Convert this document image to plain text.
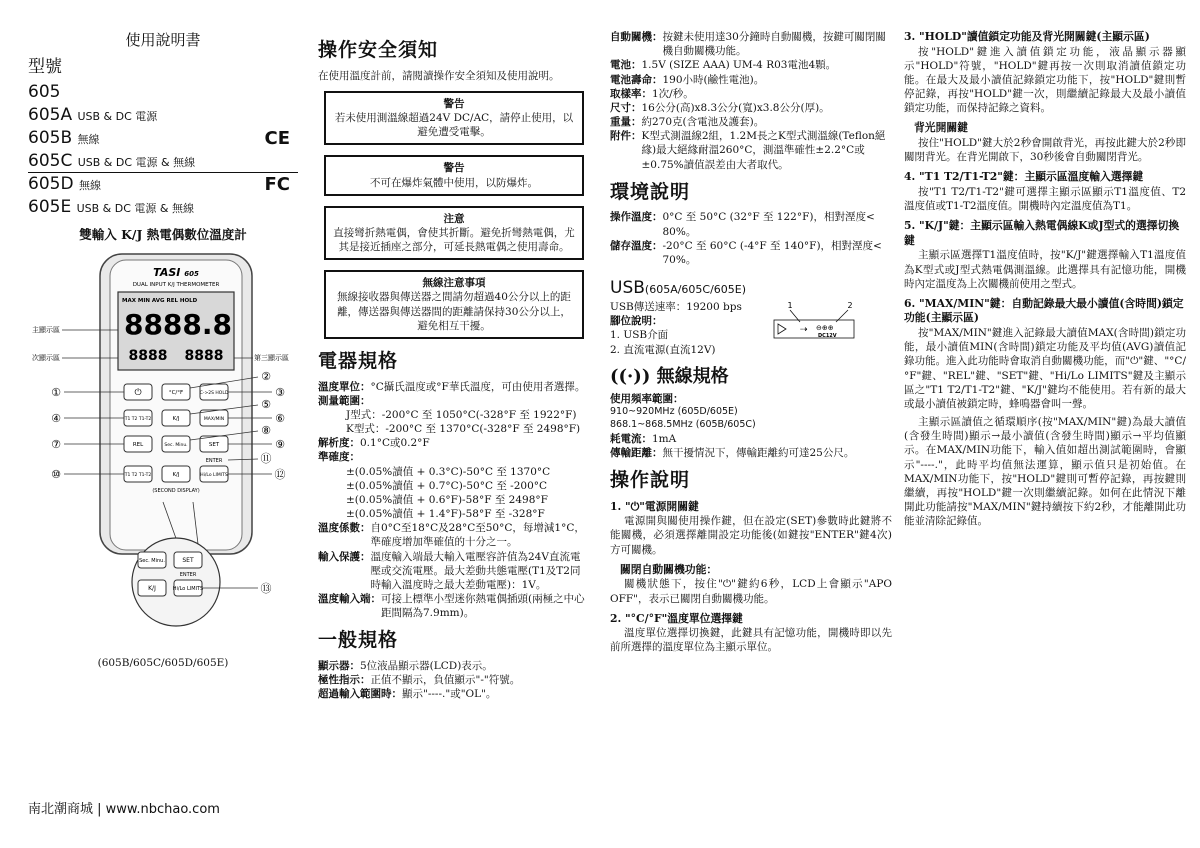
使用說明書
型號
605
605A USB & DC 電源
605B 無線	CE
605C USB & DC 電源 & 無線
605D 無線	FC
605E USB & DC 電源 & 無線
雙輸入 K/J 熱電偶數位溫度計
TASI 605
DUAL INPUT K/J THERMOMETER
MAX MIN AVG REL HOLD
8888.8
8888 8888
主顯示區
次顯示區	第三顯示區
⏻	°C/°F	C->2S HOLD
T1 T2 T1-T2	K/J	MAX/MIN
REL	Sec. Minu.	SET
ENTER
T1 T2 T1-T2	K/J	Hi/Lo LIMITS
(SECOND DISPLAY)
①
②
③
④
⑤
⑥
⑦
⑧
⑨
⑩
⑪
⑫
Sec. Minu.	SET
ENTER
K/J	Hi/Lo LIMITS	⑬
(605B/605C/605D/605E)
南北潮商城 | www.nbchao.com
操作安全須知

在使用溫度計前，請閱讀操作安全須知及使用說明。

警告
若未使用測溫線超過24V DC/AC，請停止使用，以避免遭受電擊。
警告
不可在爆炸氣體中使用，以防爆炸。
注意
直接彎折熱電偶，會使其折斷。避免折彎熱電偶，尤其是接近插座之部分，可延長熱電偶之使用壽命。
無線注意事項
無線接收器與傳送器之間請勿超過40公分以上的距離，傳送器與傳送器間的距離請保持30公分以上，避免相互干擾。
電器規格
溫度單位： °C攝氏溫度或°F華氏溫度，可由使用者選擇。
測量範圍：
J型式：-200°C 至 1050°C(-328°F 至 1922°F)
K型式：-200°C 至 1370°C(-328°F 至 2498°F)
解析度： 0.1°C或0.2°F
準確度：
±(0.05%讀值 + 0.3°C)-50°C 至 1370°C
±(0.05%讀值 + 0.7°C)-50°C 至 -200°C
±(0.05%讀值 + 0.6°F)-58°F 至 2498°F
±(0.05%讀值 + 1.4°F)-58°F 至 -328°F
溫度係數： 自0°C至18°C及28°C至50°C，每增減1°C，準確度增加準確值的十分之一。
輸入保護： 溫度輸入端最大輸入電壓容許值為24V直流電壓或交流電壓。最大差動共態電壓(T1及T2同時輸入溫度時之最大差動電壓)：1V。
溫度輸入端： 可接上標準小型迷你熱電偶插頭(兩極之中心距間隔為7.9mm)。
一般規格
顯示器： 5位液晶顯示器(LCD)表示。
極性指示： 正值不顯示，負值顯示"-"符號。
超過輸入範圍時： 顯示"----."或"OL"。
自動關機： 按鍵未使用達30分鐘時自動關機，按鍵可關閉關機自動關機功能。
電池： 1.5V (SIZE AAA) UM-4 R03電池4顆。
電池壽命： 190小時(鹼性電池)。
取樣率： 1次/秒。
尺寸： 16公分(高)x8.3公分(寬)x3.8公分(厚)。
重量： 約270克(含電池及護套)。
附件： K型式測溫線2組，1.2M長之K型式測溫線(Teflon絕緣)最大絕緣耐溫260°C，測溫準確性±2.2°C或±0.75%讀值誤差由大者取代。
環境說明
操作溫度： 0°C 至 50°C (32°F 至 122°F)，相對溼度< 80%。
儲存溫度： -20°C 至 60°C (-4°F 至 140°F)，相對溼度< 70%。
USB(605A/605C/605E)
USB傳送速率：19200 bps
腳位說明：
1. USB介面
2. 直流電源(直流12V)
1	2
⇢ ⊖⊕⊕
DC12V
((·)) 無線規格
使用頻率範圍：
910~920MHz (605D/605E)
868.1~868.5MHz (605B/605C)
耗電流： 1mA
傳輸距離： 無干擾情況下，傳輸距離約可達25公尺。
操作說明
1. "⏻"電源開關鍵

電源開與關使用操作鍵，但在設定(SET)參數時此鍵將不能關機，必須選擇離開設定功能後(如鍵按"ENTER"鍵4次)方可關機。

關閉自動關機功能：

關機狀態下，按住"⏻"鍵約6秒，LCD上會顯示"APO OFF"，表示已關閉自動關機功能。

2. "°C/°F"溫度單位選擇鍵

溫度單位選擇切換鍵，此鍵具有記憶功能，開機時即以先前所選擇的溫度單位為主顯示單位。

3. "HOLD"讀值鎖定功能及背光開關鍵(主顯示區)

按"HOLD"鍵進入讀值鎖定功能，液晶顯示器顯示"HOLD"符號，"HOLD"鍵再按一次則取消讀值鎖定功能。在最大及最小讀值記錄鎖定功能下，按"HOLD"鍵則暫停記錄，再按"HOLD"鍵一次，則繼續記錄最大及最小讀值鎖定功能，而保持記錄之資料。

背光開關鍵

按住"HOLD"鍵大於2秒會開啟背光，再按此鍵大於2秒即關閉背光。在背光開啟下，30秒後會自動關閉背光。

4. "T1 T2/T1-T2"鍵：主顯示區溫度輸入選擇鍵

按"T1 T2/T1-T2"鍵可選擇主顯示區顯示T1溫度值、T2溫度值或T1-T2溫度值。開機時內定溫度值為T1。

5. "K/J"鍵：主顯示區輸入熱電偶線K或J型式的選擇切換鍵

主顯示區選擇T1溫度值時，按"K/J"鍵選擇輸入T1溫度值為K型式或J型式熱電偶測溫線。此選擇具有記憶功能，開機時內定溫度為上次關機前使用之型式。

6. "MAX/MIN"鍵：自動記錄最大最小讀值(含時間)鎖定功能(主顯示區)

按"MAX/MIN"鍵進入記錄最大讀值MAX(含時間)鎖定功能，最小讀值MIN(含時間)鎖定功能及平均值(AVG)讀值記錄功能。進入此功能時會取消自動關機功能，而"⏻"鍵、"°C/°F"鍵、"REL"鍵、"SET"鍵、"Hi/Lo LIMITS"鍵及主顯示區之"T1 T2/T1-T2"鍵、"K/J"鍵均不能使用。若有新的最大或最小讀值被鎖定時，蜂鳴器會叫一聲。

主顯示區讀值之循環順序(按"MAX/MIN"鍵)為最大讀值(含發生時間)顯示→最小讀值(含發生時間)顯示→平均值顯示。在MAX/MIN功能下，輸入值如超出測試範圍時，會顯示"----."，此時平均值無法運算，顯示值只是初始值。在MAX/MIN功能下，按"HOLD"鍵則可暫停記錄，再按鍵則繼續，再按"HOLD"鍵一次則繼續記錄。如何在此情況下離開此功能請按"MAX/MIN"鍵持續按下約2秒，才能離開此功能並清除記錄值。
